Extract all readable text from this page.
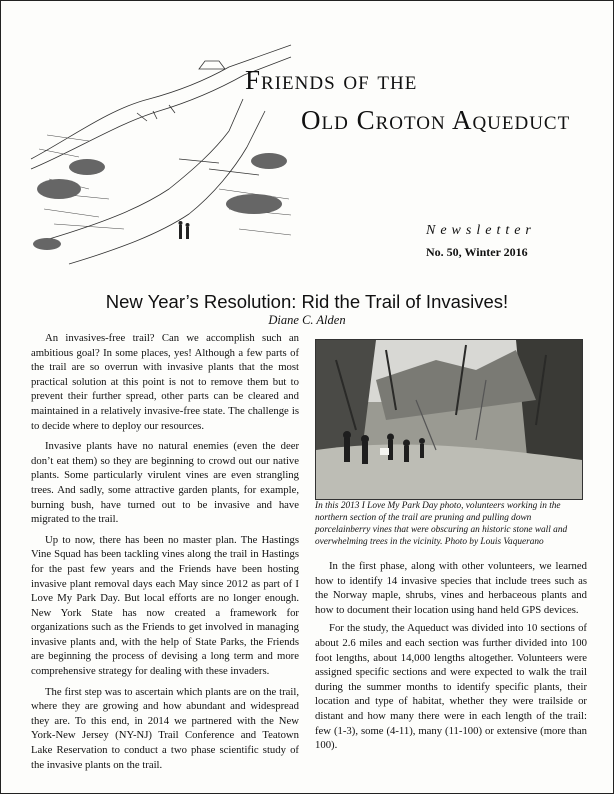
Friends of the
Old Croton Aqueduct
Newsletter
No. 50, Winter 2016
New Year’s Resolution: Rid the Trail of Invasives!
Diane C. Alden

An invasives-free trail? Can we accomplish such an ambitious goal? In some places, yes! Although a few parts of the trail are so overrun with invasive plants that the most practical solution at this point is not to remove them but to prevent their further spread, other parts can be cleared and maintained in a relatively invasive-free state. The challenge is to decide where to deploy our resources.

Invasive plants have no natural enemies (even the deer don’t eat them) so they are beginning to crowd out our native plants. Some particularly virulent vines are even strangling trees. And sadly, some attractive garden plants, for example, burning bush, have turned out to be invasive and have migrated to the trail.

Up to now, there has been no master plan. The Hastings Vine Squad has been tackling vines along the trail in Hastings for the past few years and the Friends have been hosting invasive plant removal days each May since 2012 as part of I Love My Park Day. But local efforts are no longer enough. New York State has now created a framework for organizations such as the Friends to get involved in managing invasive plants and, with the help of State Parks, the Friends are beginning the process of devising a long term and more comprehensive strategy for dealing with these invaders.

The first step was to ascertain which plants are on the trail, where they are growing and how abundant and widespread they are. To this end, in 2014 we partnered with the New York-New Jersey (NY-NJ) Trail Conference and Teatown Lake Reservation to conduct a two phase scientific study of the invasive plants on the trail.

In this 2013 I Love My Park Day photo, volunteers working in the northern section of the trail are pruning and pulling down porcelainberry vines that were obscuring an historic stone wall and overwhelming trees in the vicinity. Photo by Louis Vaquerano

In the first phase, along with other volunteers, we learned how to identify 14 invasive species that include trees such as the Norway maple, shrubs, vines and herbaceous plants and how to document their location using hand held GPS devices.

For the study, the Aqueduct was divided into 10 sections of about 2.6 miles and each section was further divided into 100 foot lengths, about 14,000 lengths altogether. Volunteers were assigned specific sections and were expected to walk the trail during the summer months to identify specific plants, their location and type of habitat, whether they were trailside or distant and how many there were in each length of the trail: few (1-3), some (4-11), many (11-100) or extensive (more than 100).
